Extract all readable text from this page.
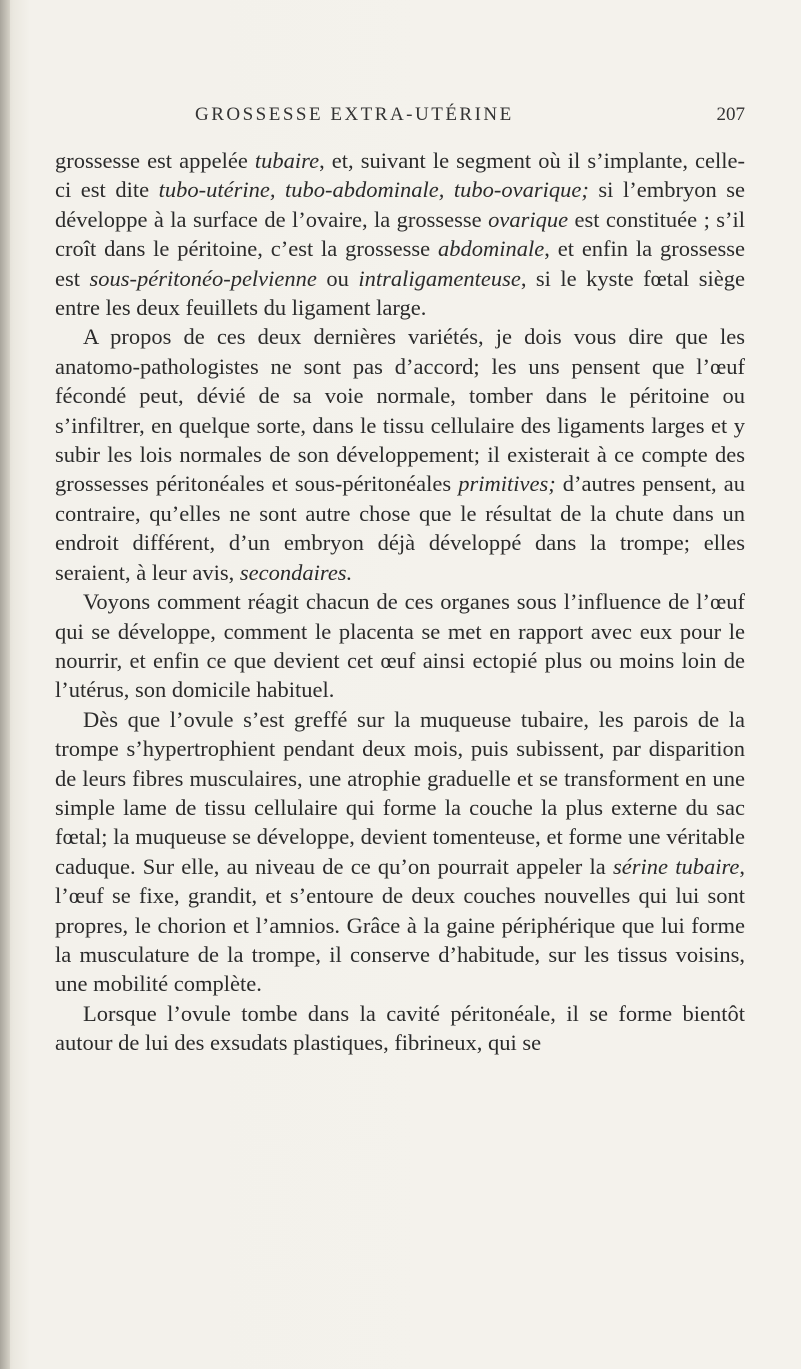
GROSSESSE EXTRA-UTÉRINE	207

grossesse est appelée tubaire, et, suivant le segment où il s’implante, celle-ci est dite tubo-utérine, tubo-abdominale, tubo-ovarique; si l’embryon se développe à la surface de l’ovaire, la grossesse ovarique est constituée ; s’il croît dans le péritoine, c’est la grossesse abdominale, et enfin la grossesse est sous-péritonéo-pelvienne ou intraligamenteuse, si le kyste fœtal siège entre les deux feuillets du ligament large.

A propos de ces deux dernières variétés, je dois vous dire que les anatomo-pathologistes ne sont pas d’accord; les uns pensent que l’œuf fécondé peut, dévié de sa voie normale, tomber dans le péritoine ou s’infiltrer, en quelque sorte, dans le tissu cellulaire des ligaments larges et y subir les lois normales de son développement; il existerait à ce compte des grossesses péritonéales et sous-péritonéales primitives; d’autres pensent, au contraire, qu’elles ne sont autre chose que le résultat de la chute dans un endroit différent, d’un embryon déjà développé dans la trompe; elles seraient, à leur avis, secondaires.

Voyons comment réagit chacun de ces organes sous l’influence de l’œuf qui se développe, comment le placenta se met en rapport avec eux pour le nourrir, et enfin ce que devient cet œuf ainsi ectopié plus ou moins loin de l’utérus, son domicile habituel.

Dès que l’ovule s’est greffé sur la muqueuse tubaire, les parois de la trompe s’hypertrophient pendant deux mois, puis subissent, par disparition de leurs fibres musculaires, une atrophie graduelle et se transforment en une simple lame de tissu cellulaire qui forme la couche la plus externe du sac fœtal; la muqueuse se développe, devient tomenteuse, et forme une véritable caduque. Sur elle, au niveau de ce qu’on pourrait appeler la sérine tubaire, l’œuf se fixe, grandit, et s’entoure de deux couches nouvelles qui lui sont propres, le chorion et l’amnios. Grâce à la gaine périphérique que lui forme la musculature de la trompe, il conserve d’habitude, sur les tissus voisins, une mobilité complète.

Lorsque l’ovule tombe dans la cavité péritonéale, il se forme bientôt autour de lui des exsudats plastiques, fibrineux, qui se
